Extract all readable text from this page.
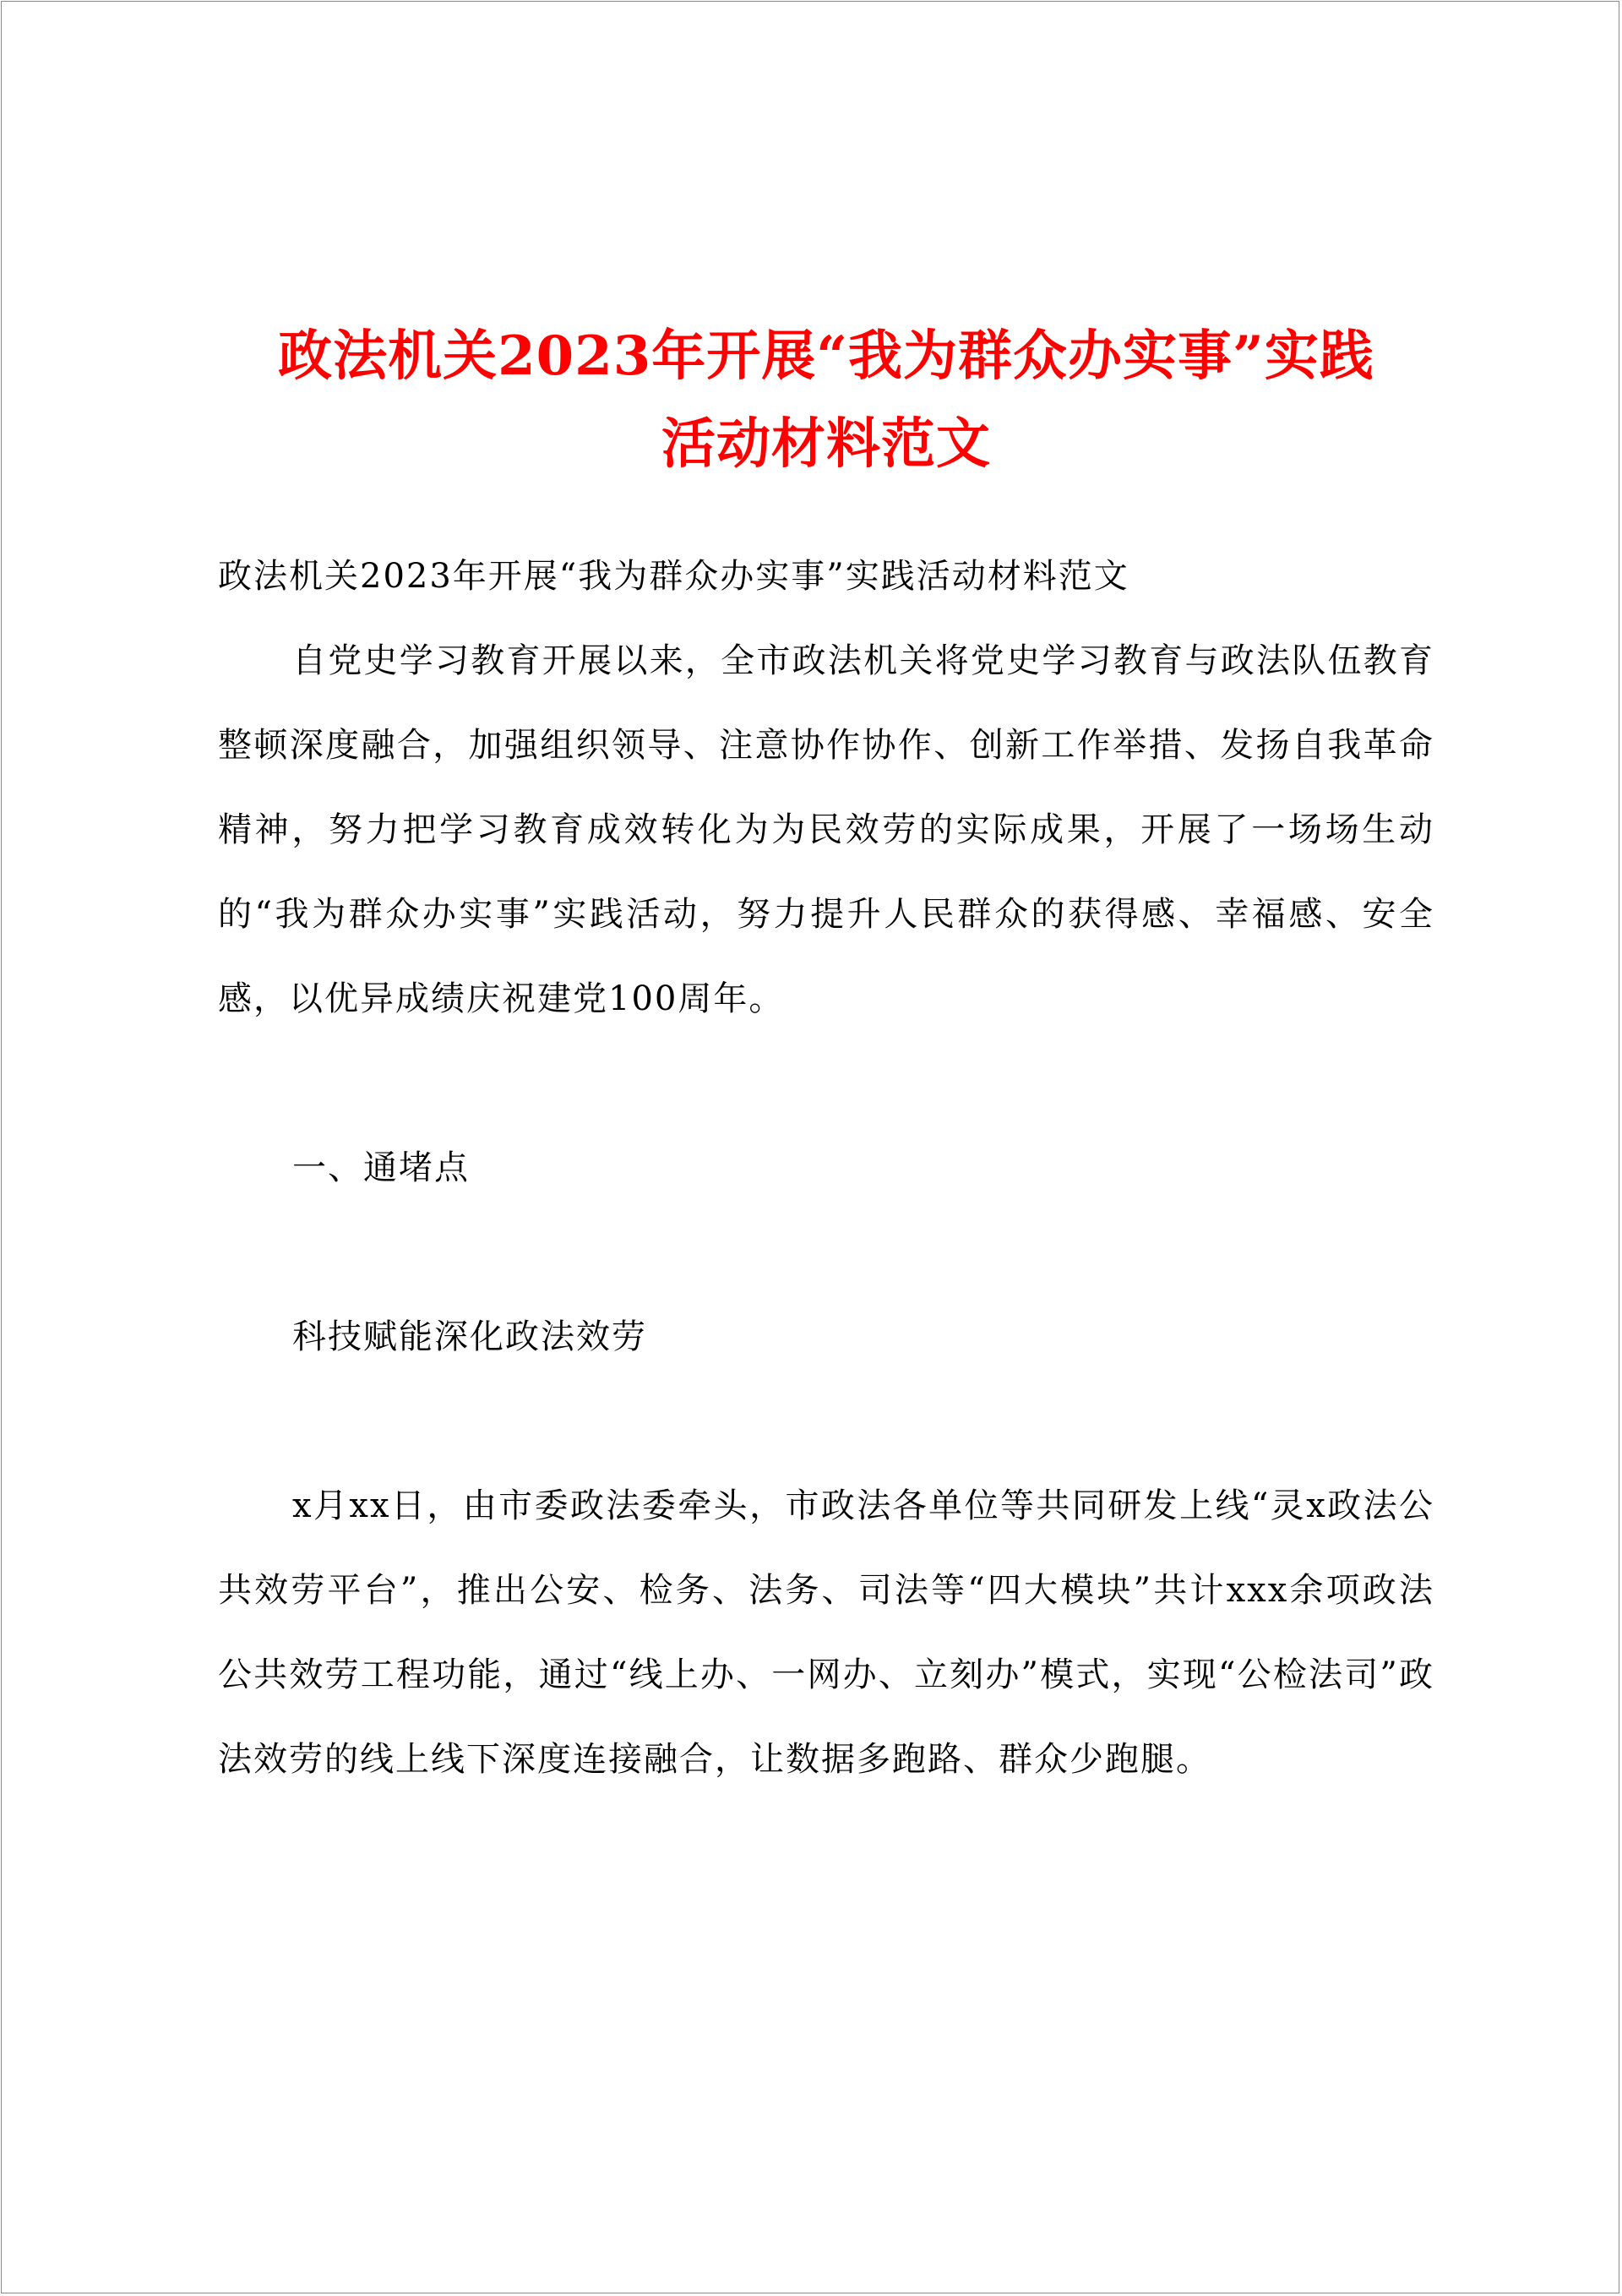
政法机关2023年开展“我为群众办实事”实践
活动材料范文

政法机关2023年开展“我为群众办实事”实践活动材料范文

自党史学习教育开展以来，全市政法机关将党史学习教育与政法队伍教育整顿深度融合，加强组织领导、注意协作协作、创新工作举措、发扬自我革命精神，努力把学习教育成效转化为为民效劳的实际成果，开展了一场场生动的“我为群众办实事”实践活动，努力提升人民群众的获得感、幸福感、安全感，以优异成绩庆祝建党100周年。

一、通堵点

科技赋能深化政法效劳

x月xx日，由市委政法委牵头，市政法各单位等共同研发上线“灵x政法公共效劳平台”，推出公安、检务、法务、司法等“四大模块”共计xxx余项政法公共效劳工程功能，通过“线上办、一网办、立刻办”模式，实现“公检法司”政法效劳的线上线下深度连接融合，让数据多跑路、群众少跑腿。
